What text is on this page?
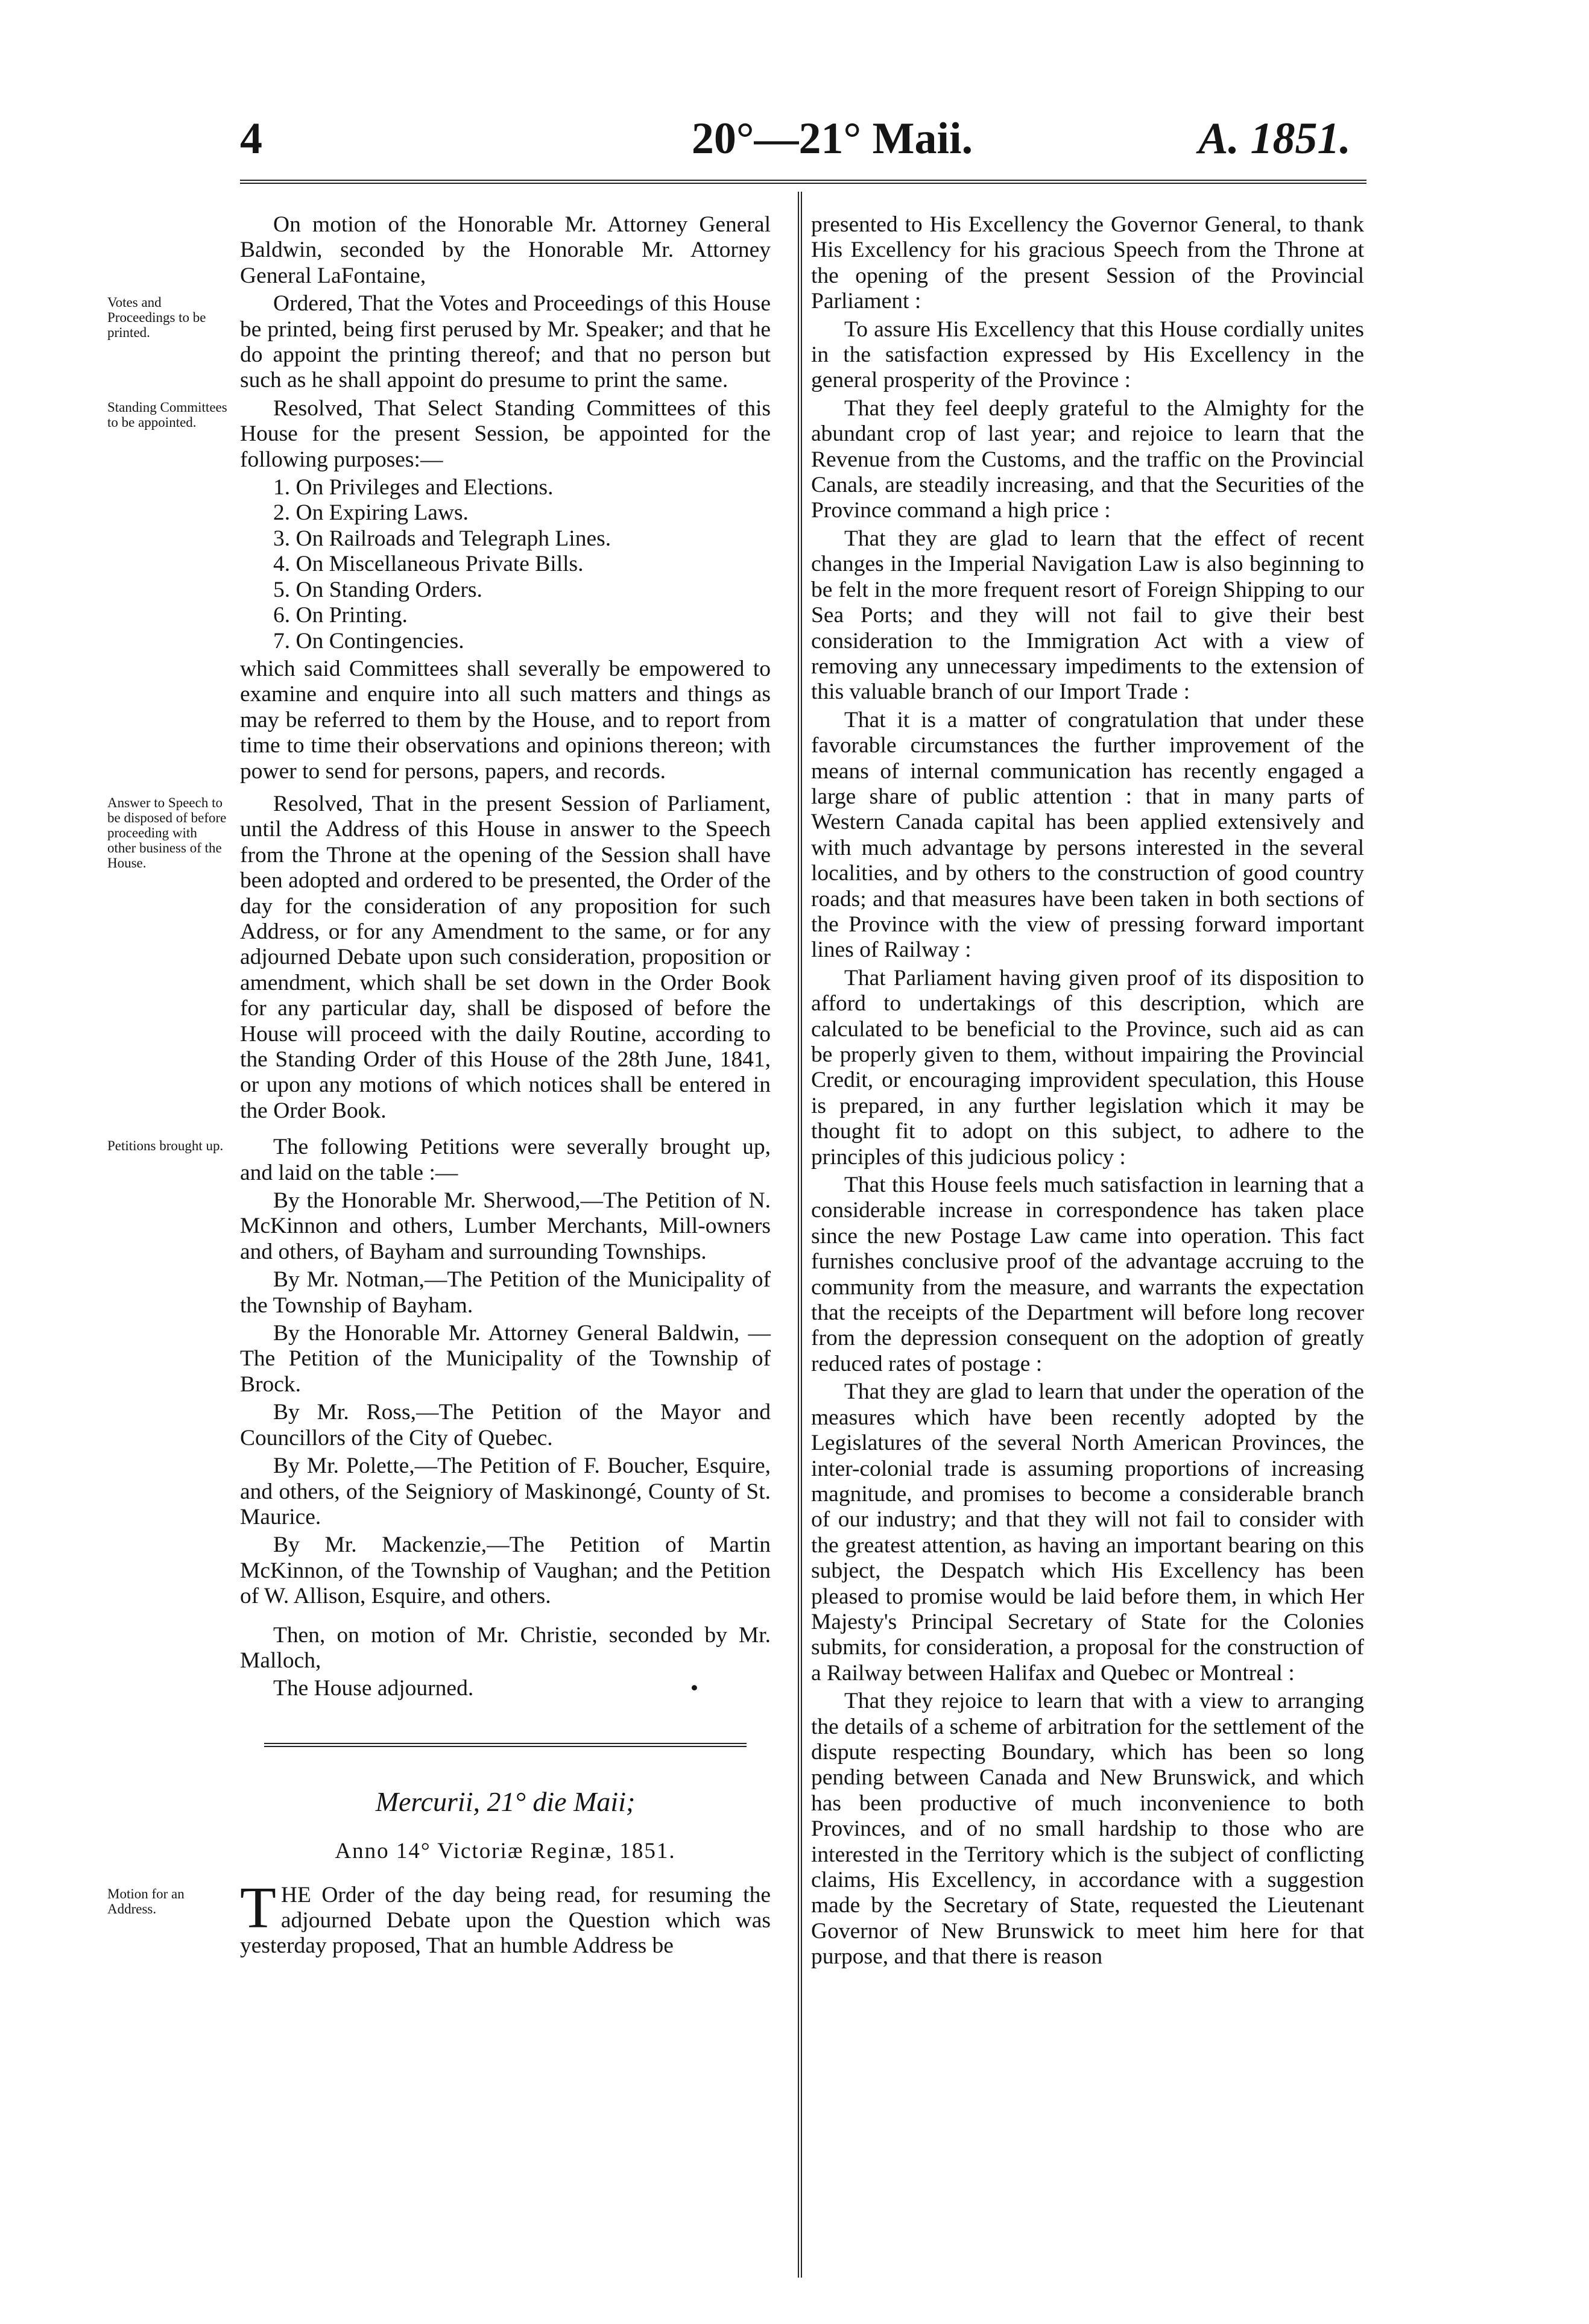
4	20°—21° Maii.	A. 1851.

On motion of the Honorable Mr. Attorney General Baldwin, seconded by the Honorable Mr. Attorney General LaFontaine,

Votes and Proceedings to be printed.

Ordered, That the Votes and Proceedings of this House be printed, being first perused by Mr. Speaker; and that he do appoint the printing thereof; and that no person but such as he shall appoint do presume to print the same.

Standing Committees to be appointed.

Resolved, That Select Standing Committees of this House for the present Session, be appointed for the following purposes:—

1. On Privileges and Elections.
2. On Expiring Laws.
3. On Railroads and Telegraph Lines.
4. On Miscellaneous Private Bills.
5. On Standing Orders.
6. On Printing.
7. On Contingencies.

which said Committees shall severally be empowered to examine and enquire into all such matters and things as may be referred to them by the House, and to report from time to time their observations and opinions thereon; with power to send for persons, papers, and records.

Answer to Speech to be disposed of before proceeding with other business of the House.

Resolved, That in the present Session of Parliament, until the Address of this House in answer to the Speech from the Throne at the opening of the Session shall have been adopted and ordered to be presented, the Order of the day for the consideration of any proposition for such Address, or for any Amendment to the same, or for any adjourned Debate upon such consideration, proposition or amendment, which shall be set down in the Order Book for any particular day, shall be disposed of before the House will proceed with the daily Routine, according to the Standing Order of this House of the 28th June, 1841, or upon any motions of which notices shall be entered in the Order Book.

Petitions brought up.	The following Petitions were severally brought up, and laid on the table :—

By the Honorable Mr. Sherwood,—The Petition of N. McKinnon and others, Lumber Merchants, Mill-owners and others, of Bayham and surrounding Townships.

By Mr. Notman,—The Petition of the Municipality of the Township of Bayham.

By the Honorable Mr. Attorney General Baldwin, —The Petition of the Municipality of the Township of Brock.

By Mr. Ross,—The Petition of the Mayor and Councillors of the City of Quebec.

By Mr. Polette,—The Petition of F. Boucher, Esquire, and others, of the Seigniory of Maskinongé, County of St. Maurice.

By Mr. Mackenzie,—The Petition of Martin McKinnon, of the Township of Vaughan; and the Petition of W. Allison, Esquire, and others.

Then, on motion of Mr. Christie, seconded by Mr. Malloch,

The House adjourned.	•

Mercurii, 21° die Maii;
Anno 14° Victoriæ Reginæ, 1851.
Motion for an Address.	THE Order of the day being read, for resuming the adjourned Debate upon the Question which was yesterday proposed, That an humble Address be

presented to His Excellency the Governor General, to thank His Excellency for his gracious Speech from the Throne at the opening of the present Session of the Provincial Parliament :

To assure His Excellency that this House cordially unites in the satisfaction expressed by His Excellency in the general prosperity of the Province :

That they feel deeply grateful to the Almighty for the abundant crop of last year; and rejoice to learn that the Revenue from the Customs, and the traffic on the Provincial Canals, are steadily increasing, and that the Securities of the Province command a high price :

That they are glad to learn that the effect of recent changes in the Imperial Navigation Law is also beginning to be felt in the more frequent resort of Foreign Shipping to our Sea Ports; and they will not fail to give their best consideration to the Immigration Act with a view of removing any unnecessary impediments to the extension of this valuable branch of our Import Trade :

That it is a matter of congratulation that under these favorable circumstances the further improvement of the means of internal communication has recently engaged a large share of public attention : that in many parts of Western Canada capital has been applied extensively and with much advantage by persons interested in the several localities, and by others to the construction of good country roads; and that measures have been taken in both sections of the Province with the view of pressing forward important lines of Railway :

That Parliament having given proof of its disposition to afford to undertakings of this description, which are calculated to be beneficial to the Province, such aid as can be properly given to them, without impairing the Provincial Credit, or encouraging improvident speculation, this House is prepared, in any further legislation which it may be thought fit to adopt on this subject, to adhere to the principles of this judicious policy :

That this House feels much satisfaction in learning that a considerable increase in correspondence has taken place since the new Postage Law came into operation. This fact furnishes conclusive proof of the advantage accruing to the community from the measure, and warrants the expectation that the receipts of the Department will before long recover from the depression consequent on the adoption of greatly reduced rates of postage :

That they are glad to learn that under the operation of the measures which have been recently adopted by the Legislatures of the several North American Provinces, the inter-colonial trade is assuming proportions of increasing magnitude, and promises to become a considerable branch of our industry; and that they will not fail to consider with the greatest attention, as having an important bearing on this subject, the Despatch which His Excellency has been pleased to promise would be laid before them, in which Her Majesty's Principal Secretary of State for the Colonies submits, for consideration, a proposal for the construction of a Railway between Halifax and Quebec or Montreal :

That they rejoice to learn that with a view to arranging the details of a scheme of arbitration for the settlement of the dispute respecting Boundary, which has been so long pending between Canada and New Brunswick, and which has been productive of much inconvenience to both Provinces, and of no small hardship to those who are interested in the Territory which is the subject of conflicting claims, His Excellency, in accordance with a suggestion made by the Secretary of State, requested the Lieutenant Governor of New Brunswick to meet him here for that purpose, and that there is reason
